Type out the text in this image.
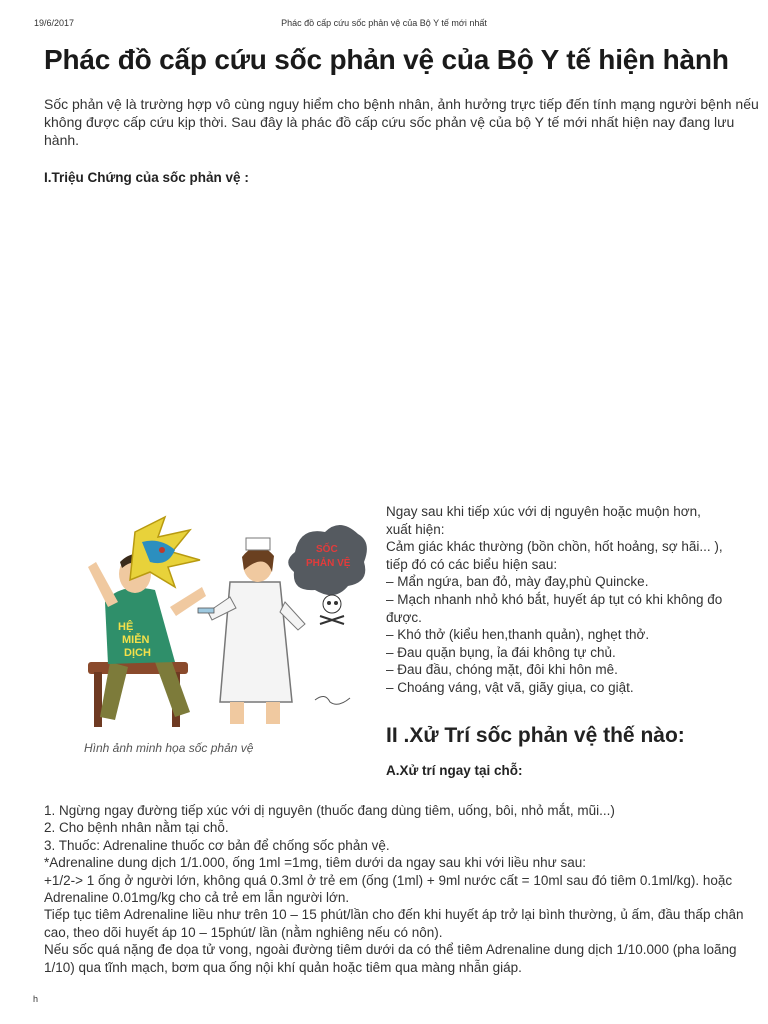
19/6/2017	Phác đồ cấp cứu sốc phản vệ của Bộ Y tế mới nhất
Phác đồ cấp cứu sốc phản vệ của Bộ Y tế hiện hành
Sốc phản vệ là trường hợp vô cùng nguy hiểm cho bệnh nhân, ảnh hưởng trực tiếp đến tính mạng người bệnh nếu không được cấp cứu kịp thời. Sau đây là phác đồ cấp cứu sốc phản vệ của bộ Y tế mới nhất hiện nay đang lưu hành.
I.Triệu Chứng của sốc phản vệ :
HỆ
MIỄN
DỊCH
SỐC
PHẢN VỆ
Hình ảnh minh họa sốc phản vệ
Ngay sau khi tiếp xúc với dị nguyên hoặc muộn hơn,
xuất hiện:
Cảm giác khác thường (bồn chồn, hốt hoảng, sợ hãi... ),
tiếp đó có các biểu hiện sau:
– Mẩn ngứa, ban đỏ, mày đay,phù Quincke.
– Mạch nhanh nhỏ khó bắt, huyết áp tụt có khi không đo
được.
– Khó thở (kiểu hen,thanh quản), nghẹt thở.
– Đau quặn bụng, ỉa đái không tự chủ.
– Đau đầu, chóng mặt, đôi khi hôn mê.
– Choáng váng, vật vã, giãy giụa, co giật.
II .Xử Trí sốc phản vệ thế nào:
A.Xử trí ngay tại chỗ:
1. Ngừng ngay đường tiếp xúc với dị nguyên (thuốc đang dùng tiêm, uống, bôi, nhỏ mắt, mũi...)
2. Cho bệnh nhân nằm tại chỗ.
3. Thuốc: Adrenaline thuốc cơ bản để chống sốc phản vệ.
*Adrenaline dung dịch 1/1.000, ống 1ml =1mg, tiêm dưới da ngay sau khi với liều như sau:
+1/2-> 1 ống ở người lớn, không quá 0.3ml ở trẻ em (ống (1ml) + 9ml nước cất = 10ml sau đó tiêm 0.1ml/kg). hoặc Adrenaline 0.01mg/kg cho cả trẻ em lẫn người lớn.
Tiếp tục tiêm Adrenaline liều như trên 10 – 15 phút/lần cho đến khi huyết áp trở lại bình thường, ủ ấm, đầu thấp chân cao, theo dõi huyết áp 10 – 15phút/ lần (nằm nghiêng nếu có nôn).
Nếu sốc quá nặng đe dọa tử vong, ngoài đường tiêm dưới da có thể tiêm Adrenaline dung dịch 1/10.000 (pha loãng 1/10) qua tĩnh mạch, bơm qua ống nội khí quản hoặc tiêm qua màng nhẫn giáp.
h
